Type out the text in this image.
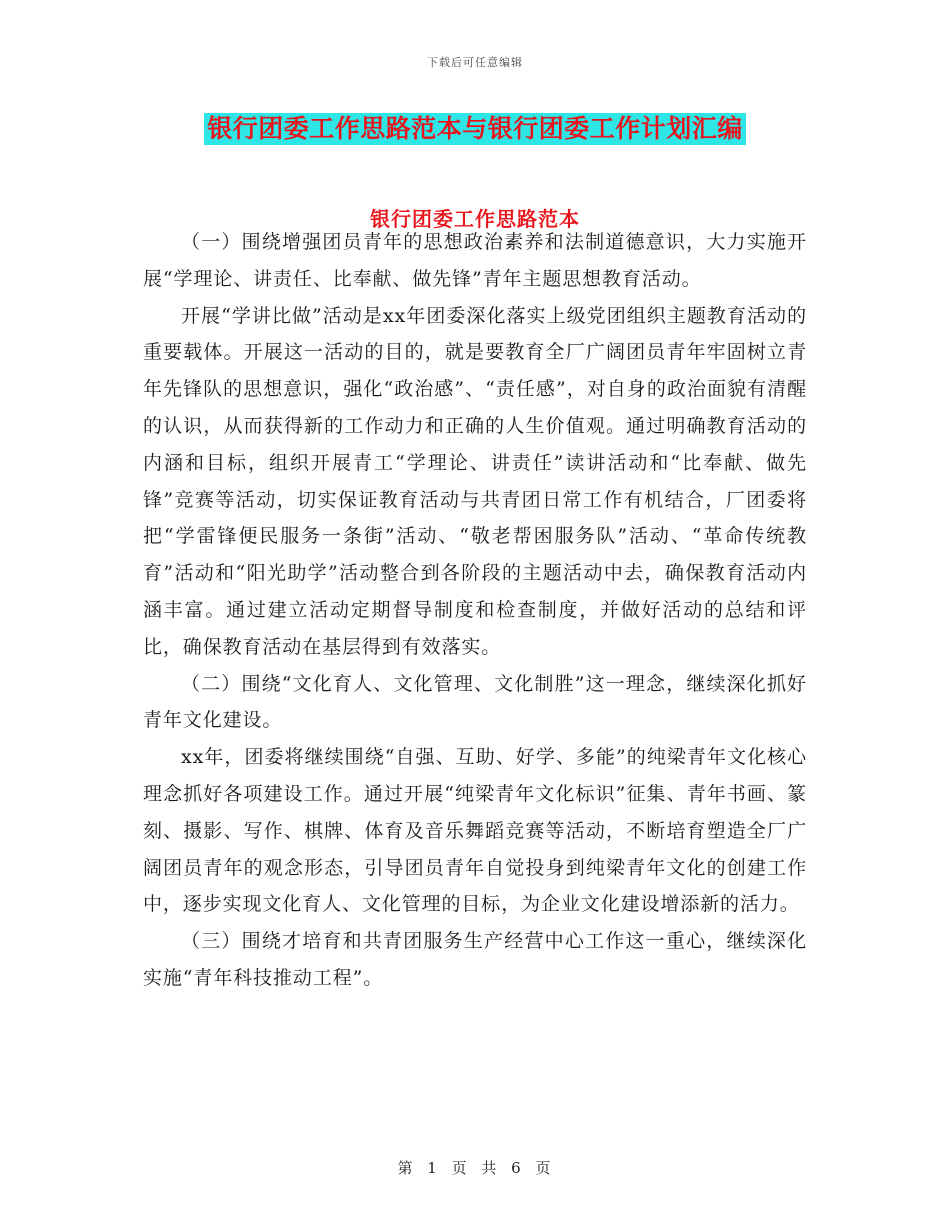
下载后可任意编辑
银行团委工作思路范本与银行团委工作计划汇编
银行团委工作思路范本

（一）围绕增强团员青年的思想政治素养和法制道德意识，大力实施开展“学理论、讲责任、比奉献、做先锋”青年主题思想教育活动。

开展“学讲比做”活动是xx年团委深化落实上级党团组织主题教育活动的重要载体。开展这一活动的目的，就是要教育全厂广阔团员青年牢固树立青年先锋队的思想意识，强化“政治感”、“责任感”，对自身的政治面貌有清醒的认识，从而获得新的工作动力和正确的人生价值观。通过明确教育活动的内涵和目标，组织开展青工“学理论、讲责任”读讲活动和“比奉献、做先锋”竞赛等活动，切实保证教育活动与共青团日常工作有机结合，厂团委将把“学雷锋便民服务一条街”活动、“敬老帮困服务队”活动、“革命传统教育”活动和“阳光助学”活动整合到各阶段的主题活动中去，确保教育活动内涵丰富。通过建立活动定期督导制度和检查制度，并做好活动的总结和评比，确保教育活动在基层得到有效落实。

（二）围绕“文化育人、文化管理、文化制胜”这一理念，继续深化抓好青年文化建设。

xx年，团委将继续围绕“自强、互助、好学、多能”的纯梁青年文化核心理念抓好各项建设工作。通过开展“纯梁青年文化标识”征集、青年书画、篆刻、摄影、写作、棋牌、体育及音乐舞蹈竞赛等活动，不断培育塑造全厂广阔团员青年的观念形态，引导团员青年自觉投身到纯梁青年文化的创建工作中，逐步实现文化育人、文化管理的目标，为企业文化建设增添新的活力。

（三）围绕才培育和共青团服务生产经营中心工作这一重心，继续深化实施“青年科技推动工程”。

第 1 页 共 6 页
